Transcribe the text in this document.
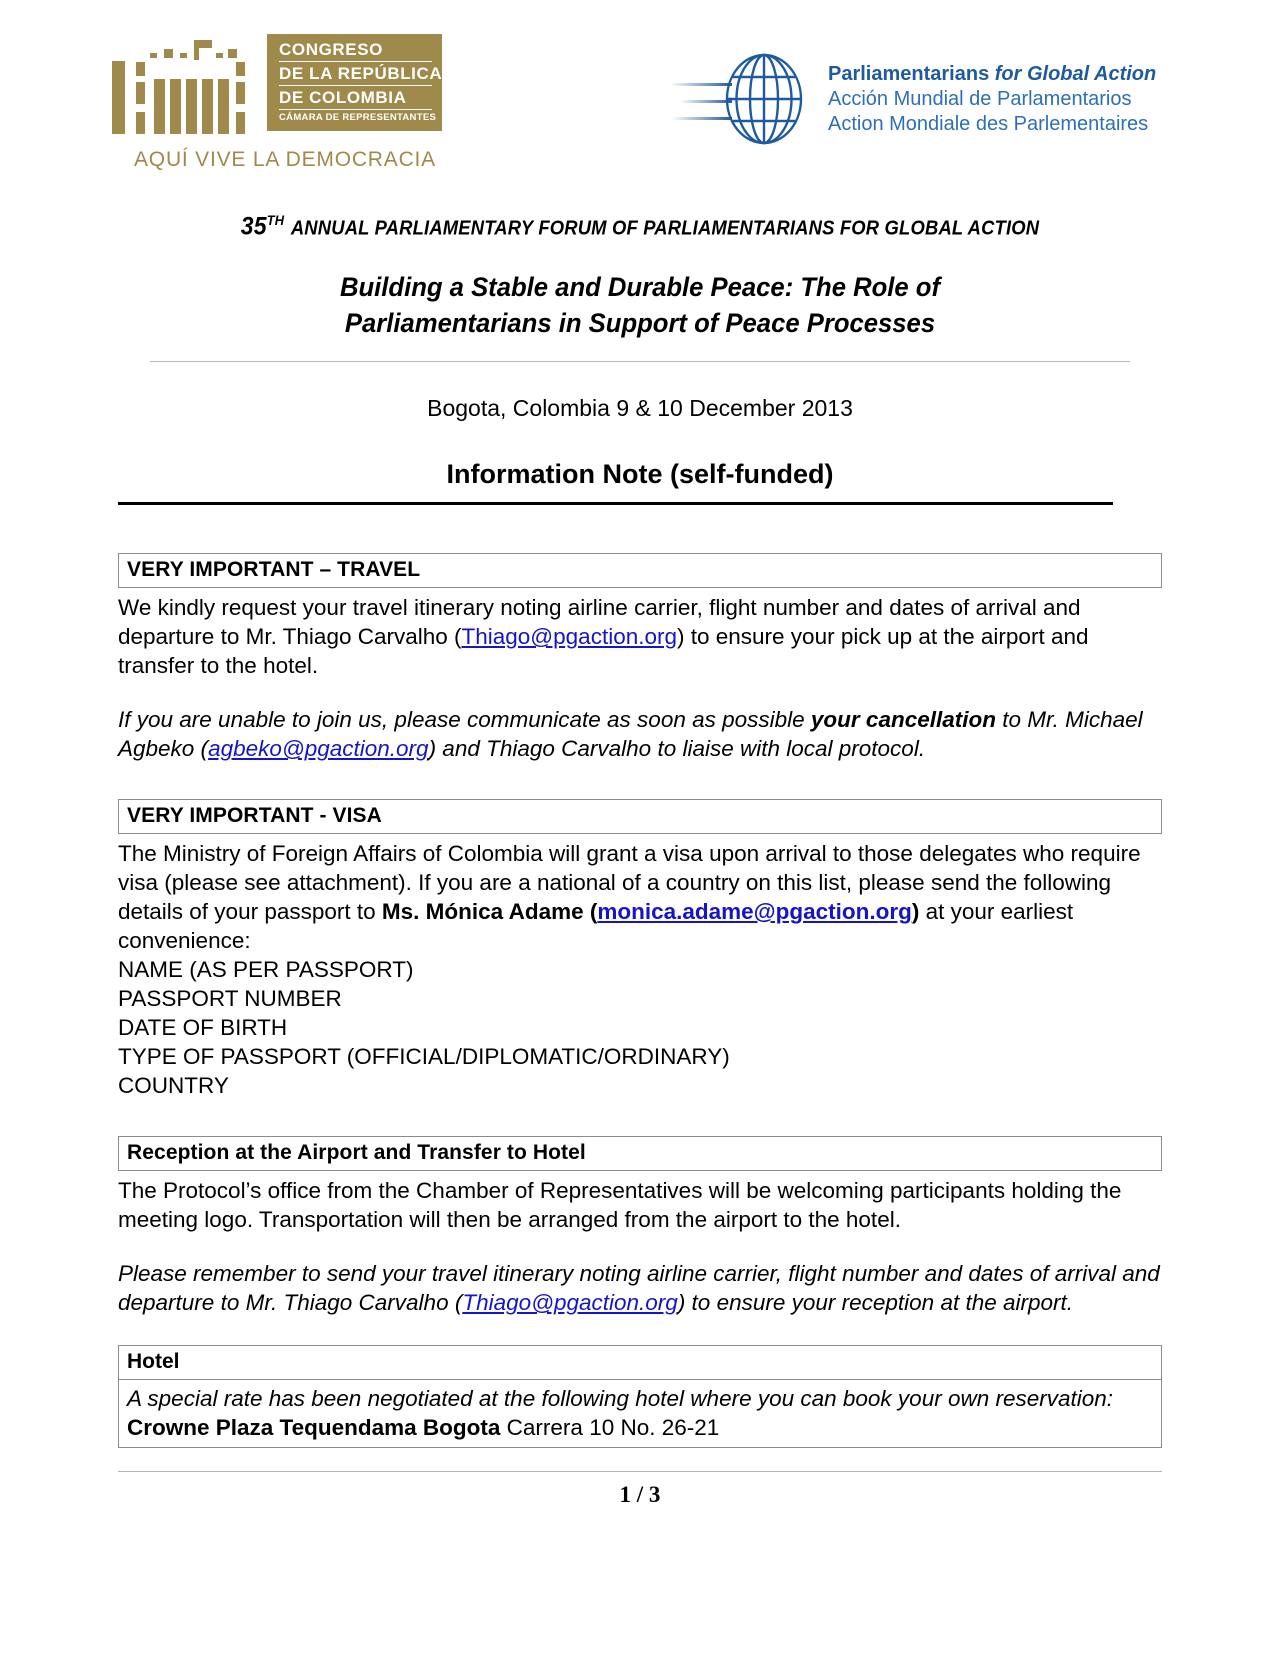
CONGRESO
DE LA REPÚBLICA
DE COLOMBIA
CÁMARA DE REPRESENTANTES
AQUÍ VIVE LA DEMOCRACIA
Parliamentarians for Global Action
Acción Mundial de Parlamentarios
Action Mondiale des Parlementaires
35TH ANNUAL PARLIAMENTARY FORUM OF PARLIAMENTARIANS FOR GLOBAL ACTION
Building a Stable and Durable Peace: The Role of Parliamentarians in Support of Peace Processes
Bogota, Colombia 9 & 10 December 2013
Information Note (self-funded)
VERY IMPORTANT – TRAVEL

We kindly request your travel itinerary noting airline carrier, flight number and dates of arrival and departure to Mr. Thiago Carvalho (Thiago@pgaction.org) to ensure your pick up at the airport and transfer to the hotel.

If you are unable to join us, please communicate as soon as possible your cancellation to Mr. Michael Agbeko (agbeko@pgaction.org) and Thiago Carvalho to liaise with local protocol.

VERY IMPORTANT - VISA

The Ministry of Foreign Affairs of Colombia will grant a visa upon arrival to those delegates who require visa (please see attachment). If you are a national of a country on this list, please send the following details of your passport to Ms. Mónica Adame (monica.adame@pgaction.org) at your earliest convenience:

NAME (AS PER PASSPORT)
PASSPORT NUMBER
DATE OF BIRTH
TYPE OF PASSPORT (OFFICIAL/DIPLOMATIC/ORDINARY)
COUNTRY

Reception at the Airport and Transfer to Hotel

The Protocol’s office from the Chamber of Representatives will be welcoming participants holding the meeting logo. Transportation will then be arranged from the airport to the hotel.

Please remember to send your travel itinerary noting airline carrier, flight number and dates of arrival and departure to Mr. Thiago Carvalho (Thiago@pgaction.org) to ensure your reception at the airport.

Hotel
A special rate has been negotiated at the following hotel where you can book your own reservation: Crowne Plaza Tequendama Bogota Carrera 10 No. 26-21
1 / 3
